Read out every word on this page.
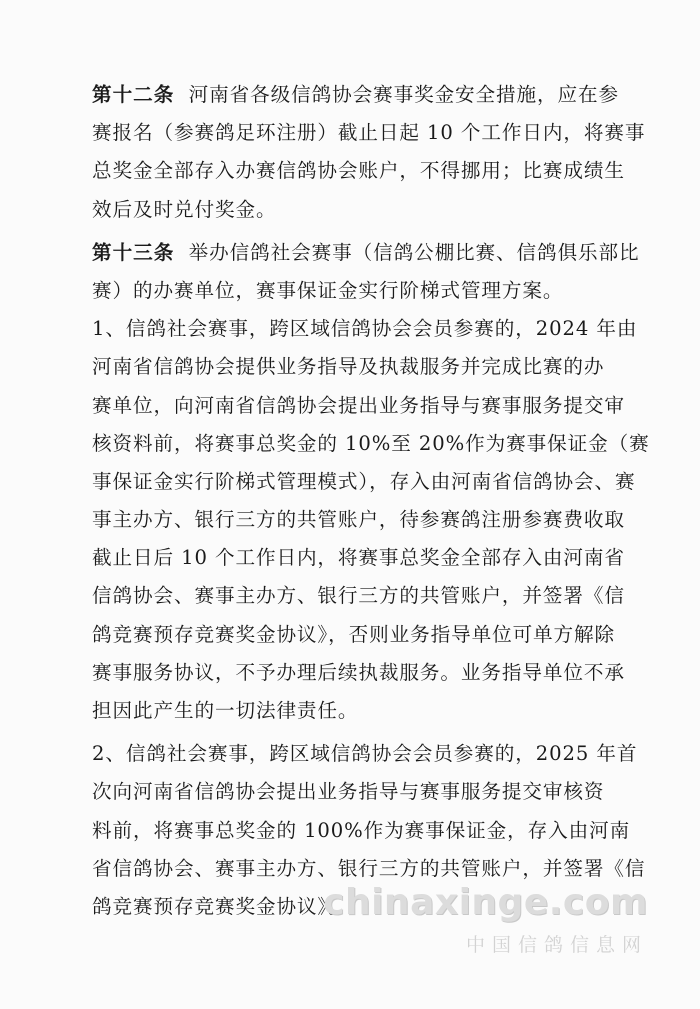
第十二条 河南省各级信鸽协会赛事奖金安全措施，应在参
赛报名（参赛鸽足环注册）截止日起 10 个工作日内，将赛事
总奖金全部存入办赛信鸽协会账户，不得挪用；比赛成绩生
效后及时兑付奖金。
第十三条 举办信鸽社会赛事（信鸽公棚比赛、信鸽俱乐部比
赛）的办赛单位，赛事保证金实行阶梯式管理方案。
1、信鸽社会赛事，跨区域信鸽协会会员参赛的，2024 年由
河南省信鸽协会提供业务指导及执裁服务并完成比赛的办
赛单位，向河南省信鸽协会提出业务指导与赛事服务提交审
核资料前，将赛事总奖金的 10%至 20%作为赛事保证金（赛
事保证金实行阶梯式管理模式），存入由河南省信鸽协会、赛
事主办方、银行三方的共管账户，待参赛鸽注册参赛费收取
截止日后 10 个工作日内，将赛事总奖金全部存入由河南省
信鸽协会、赛事主办方、银行三方的共管账户，并签署《信
鸽竞赛预存竞赛奖金协议》，否则业务指导单位可单方解除
赛事服务协议，不予办理后续执裁服务。业务指导单位不承
担因此产生的一切法律责任。
2、信鸽社会赛事，跨区域信鸽协会会员参赛的，2025 年首
次向河南省信鸽协会提出业务指导与赛事服务提交审核资
料前，将赛事总奖金的 100%作为赛事保证金，存入由河南
省信鸽协会、赛事主办方、银行三方的共管账户，并签署《信
鸽竞赛预存竞赛奖金协议》。
chinaxinge.com
中国信鸽信息网
